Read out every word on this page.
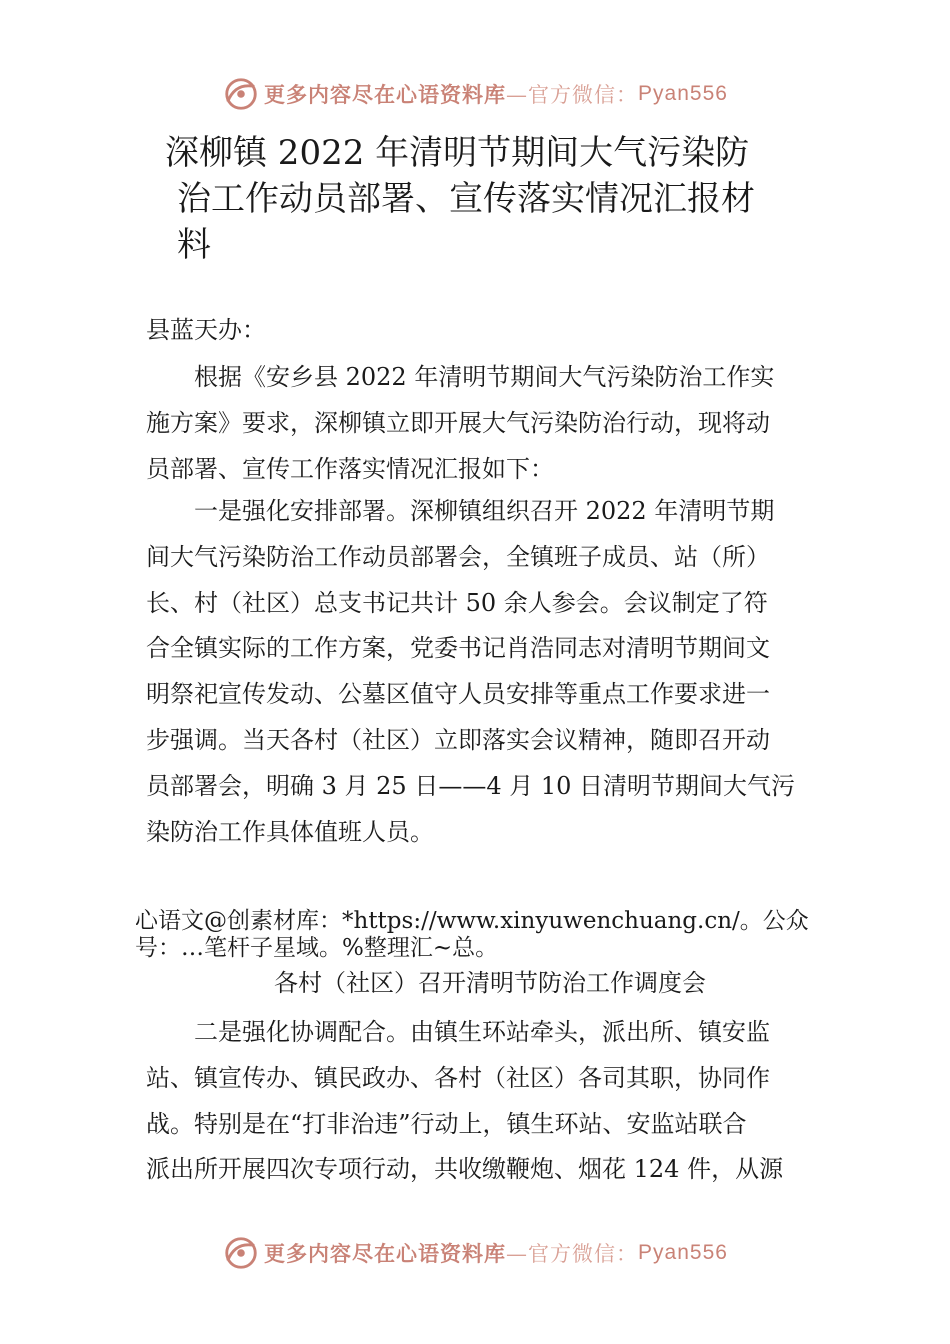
更多内容尽在心语资料库 —官方微信： Pyan556
深柳镇 2022 年清明节期间大气污染防
治工作动员部署、宣传落实情况汇报材
料
县蓝天办：
　　根据《安乡县 2022 年清明节期间大气污染防治工作实
施方案》要求，深柳镇立即开展大气污染防治行动，现将动
员部署、宣传工作落实情况汇报如下：
　　一是强化安排部署。深柳镇组织召开 2022 年清明节期
间大气污染防治工作动员部署会，全镇班子成员、站（所）
长、村（社区）总支书记共计 50 余人参会。会议制定了符
合全镇实际的工作方案，党委书记肖浩同志对清明节期间文
明祭祀宣传发动、公墓区值守人员安排等重点工作要求进一
步强调。当天各村（社区）立即落实会议精神，随即召开动
员部署会，明确 3 月 25 日——4 月 10 日清明节期间大气污
染防治工作具体值班人员。
心语文@创素材库：*https://www.xinyuwenchuang.cn/。公众
号：…笔杆子星域。%整理汇~总。
各村（社区）召开清明节防治工作调度会
　　二是强化协调配合。由镇生环站牵头，派出所、镇安监
站、镇宣传办、镇民政办、各村（社区）各司其职，协同作
战。特别是在“打非治违”行动上，镇生环站、安监站联合
派出所开展四次专项行动，共收缴鞭炮、烟花 124 件，从源
更多内容尽在心语资料库 —官方微信： Pyan556
